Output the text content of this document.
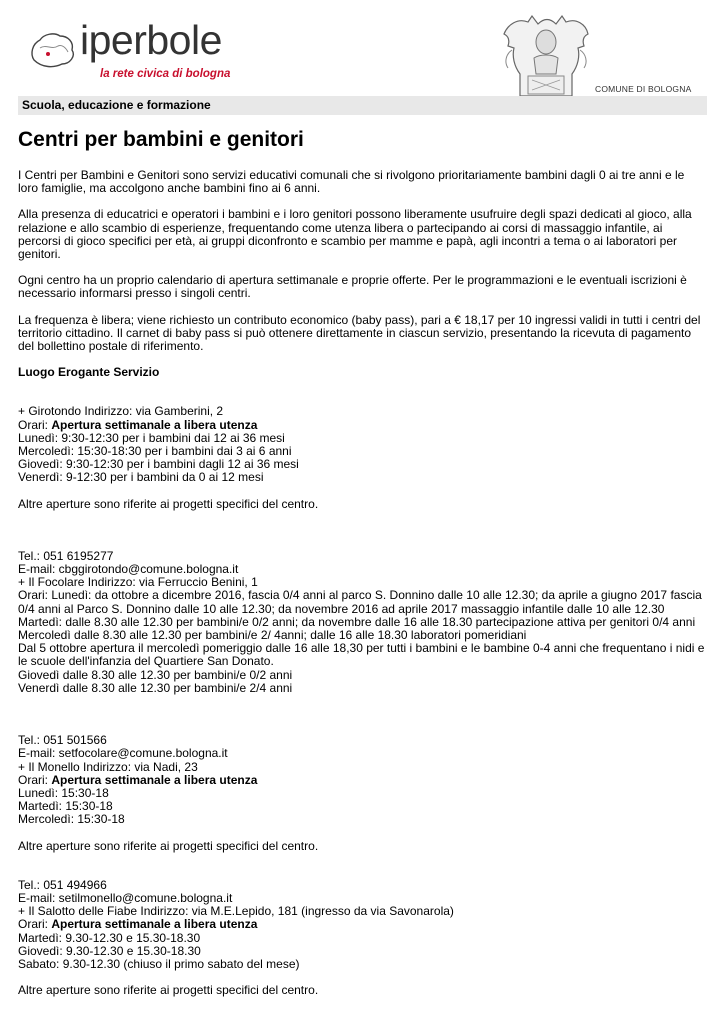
iperbole
la rete civica di bologna
COMUNE DI BOLOGNA
Scuola, educazione e formazione
Centri per bambini e genitori

I Centri per Bambini e Genitori sono servizi educativi comunali che si rivolgono prioritariamente bambini dagli 0 ai tre anni e le loro famiglie, ma accolgono anche bambini fino ai 6 anni.

Alla presenza di educatrici e operatori i bambini e i loro genitori possono liberamente usufruire degli spazi dedicati al gioco, alla relazione e allo scambio di esperienze, frequentando come utenza libera o partecipando ai corsi di massaggio infantile, ai percorsi di gioco specifici per età, ai gruppi diconfronto e scambio per mamme e papà, agli incontri a tema o ai laboratori per genitori.

Ogni centro ha un proprio calendario di apertura settimanale e proprie offerte. Per le programmazioni e le eventuali iscrizioni è necessario informarsi presso i singoli centri.

La frequenza è libera; viene richiesto un contributo economico (baby pass), pari a € 18,17 per 10 ingressi validi in tutti i centri del territorio cittadino. Il carnet di baby pass si può ottenere direttamente in ciascun servizio, presentando la ricevuta di pagamento del bollettino postale di riferimento.

Luogo Erogante Servizio

+ Girotondo Indirizzo: via Gamberini, 2
Orari: Apertura settimanale a libera utenza
Lunedì: 9:30-12:30 per i bambini dai 12 ai 36 mesi
Mercoledì: 15:30-18:30 per i bambini dai 3 ai 6 anni
Giovedì: 9:30-12:30 per i bambini dagli 12 ai 36 mesi
Venerdì: 9-12:30 per i bambini da 0 ai 12 mesi
Altre aperture sono riferite ai progetti specifici del centro.
Tel.: 051 6195277
E-mail: cbggirotondo@comune.bologna.it
+ Il Focolare Indirizzo: via Ferruccio Benini, 1
Orari: Lunedì: da ottobre a dicembre 2016, fascia 0/4 anni al parco S. Donnino dalle 10 alle 12.30; da aprile a giugno 2017 fascia 0/4 anni al Parco S. Donnino dalle 10 alle 12.30; da novembre 2016 ad aprile 2017 massaggio infantile dalle 10 alle 12.30
Martedì: dalle 8.30 alle 12.30 per bambini/e 0/2 anni; da novembre dalle 16 alle 18.30 partecipazione attiva per genitori 0/4 anni
Mercoledì dalle 8.30 alle 12.30 per bambini/e 2/ 4anni; dalle 16 alle 18.30 laboratori pomeridiani
Dal 5 ottobre apertura il mercoledì pomeriggio dalle 16 alle 18,30 per tutti i bambini e le bambine 0-4 anni che frequentano i nidi e le scuole dell'infanzia del Quartiere San Donato.
Giovedì dalle 8.30 alle 12.30 per bambini/e 0/2 anni
Venerdì dalle 8.30 alle 12.30 per bambini/e 2/4 anni
Tel.: 051 501566
E-mail: setfocolare@comune.bologna.it
+ Il Monello Indirizzo: via Nadi, 23
Orari: Apertura settimanale a libera utenza
Lunedì: 15:30-18
Martedì: 15:30-18
Mercoledì: 15:30-18
Altre aperture sono riferite ai progetti specifici del centro.
Tel.: 051 494966
E-mail: setilmonello@comune.bologna.it
+ Il Salotto delle Fiabe Indirizzo: via M.E.Lepido, 181 (ingresso da via Savonarola)
Orari: Apertura settimanale a libera utenza
Martedì: 9.30-12.30 e 15.30-18.30
Giovedì: 9.30-12.30 e 15.30-18.30
Sabato: 9.30-12.30 (chiuso il primo sabato del mese)
Altre aperture sono riferite ai progetti specifici del centro.
